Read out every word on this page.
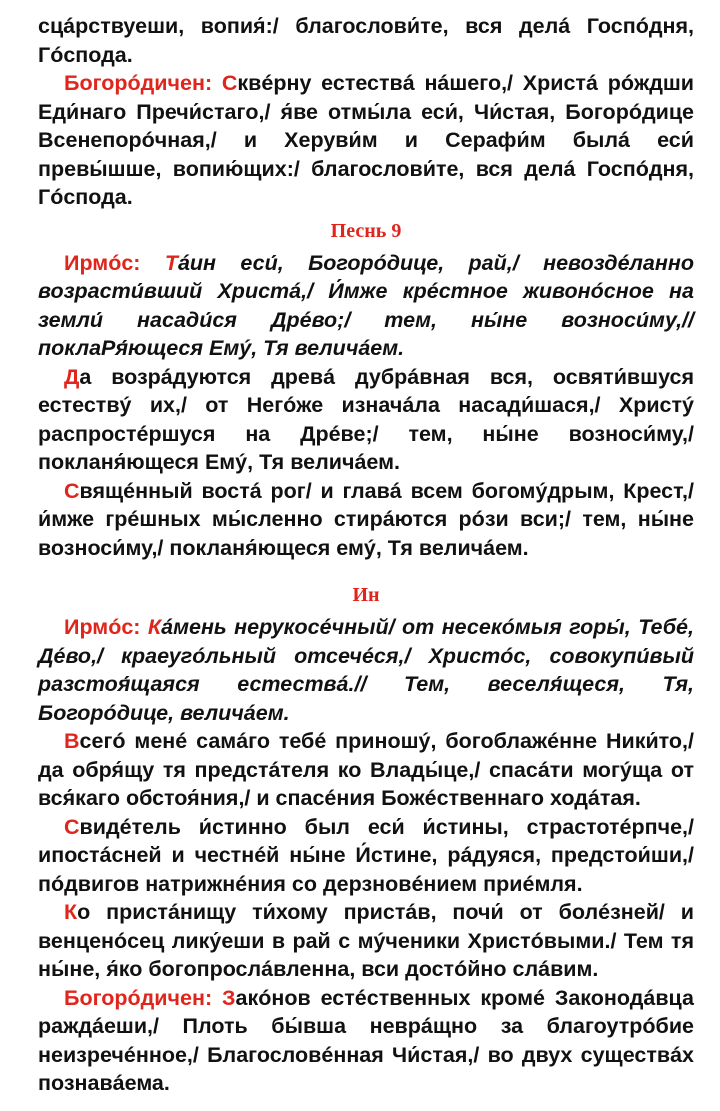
сцáрствуеши, вопия́:/ благослови́те, вся делá Госпóдня, Гóспода.

Богорóдичен: Сквéрну естествá нáшего,/ Христá рóждши Еди́нагo Пречи́стагo,/ я́ве отмы́ла еси́, Чи́стая, Богорóдице Всенепорóчная,/ и Херуви́м и Серафи́м былá еси́ превы́шше, вопию́щих:/ благослови́те, вся делá Госпóдня, Гóспода.

Песнь 9

Ирмóс: Тáин еси́, Богорóдице, рай,/ невоздéланно возрасти́вший Христá,/ И́мже крéстное живонóсное на земли́ насади́ся Дрéво;/ тем, ны́не возноси́му,// поклаPя́ющеся Емý, Тя величáем.

Да возрáдуются древá дубрáвная вся, освяти́вшуся естествý их,/ от Негóже изначáла насади́шася,/ Христý распростéршуся на Дрéве;/ тем, ны́не возноси́му,/ покланя́ющеся Емý, Тя величáем.

Свящéнный востá рог/ и главá всем богомýдрым, Крест,/ и́мже грéшных мы́сленно стирáются рóзи вси;/ тем, ны́не возноси́му,/ покланя́ющеся емý, Тя величáем.

Ин

Ирмóс: Кáмень нерукосéчный/ от несекóмыя горы́, Тебé, Дéво,/ краеугóльный отсечéся,/ Христóс, совокупи́вый разстоя́щаяся естествá.// Тем, веселя́щеся, Тя, Богорóдице, величáем.

Всегó менé самáго тебé приношý, богоблажéнне Ники́то,/ да обря́щу тя предстáтеля ко Влады́це,/ спасáти могýща от вся́кагo обстоя́ния,/ и спасéния Божéственнагo ходáтая.

Свидéтель и́стинно был еси́ и́стины, страстотéрпче,/ ипостáсней и честнéй ны́не И́стине, рáдуяся, предстои́ши,/ пóдвигов натрижнéния со дерзновéнием приéмля.

Ко пристáнищу ти́хому пристáв, почи́ от болéзней/ и венценóсец лику́еши в рай с мýченики Христóвыми./ Тем тя ны́не, я́ко богопрослáвленна, вси достóйно слáвим.

Богорóдичен: Закóнов естéственных кромé Законодáвца раждáеши,/ Плоть бы́вша неврáщно за благоутрóбие неизречéнное,/ Благословéнная Чи́стая,/ во двух существáх познавáема.
